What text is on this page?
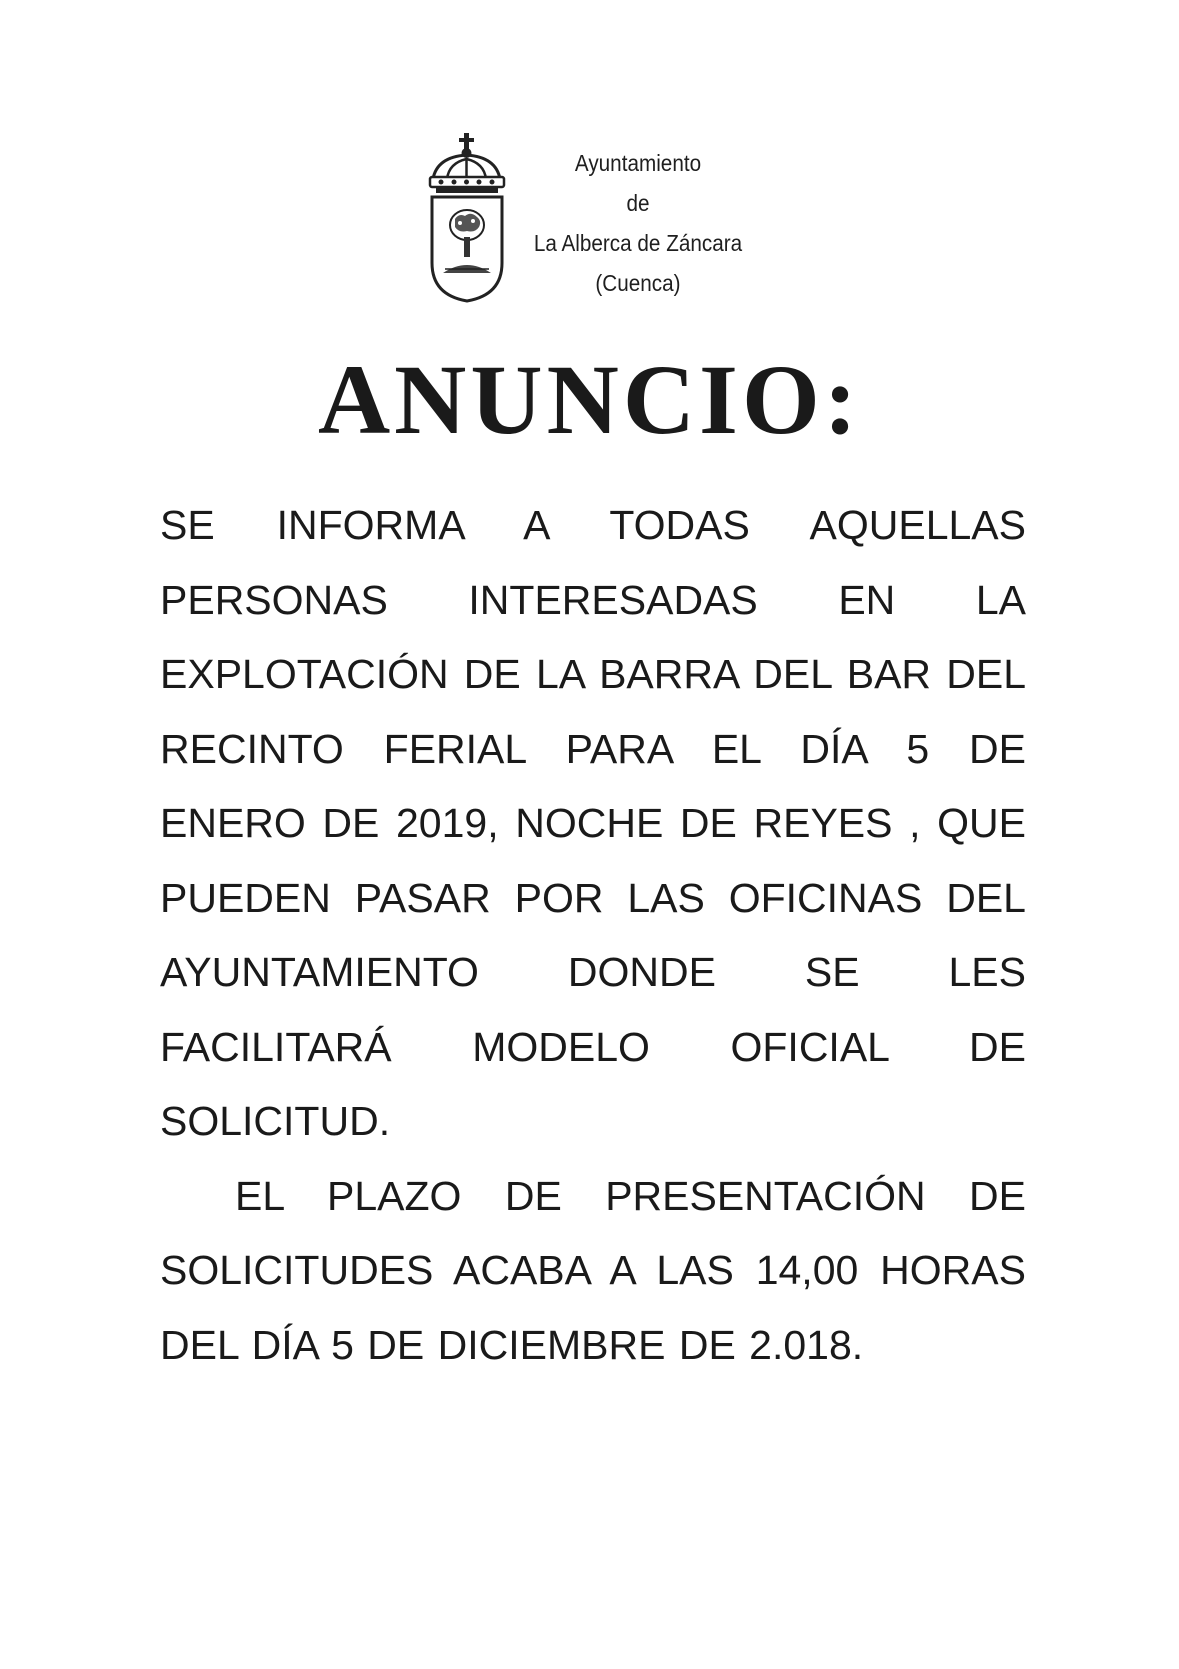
Ayuntamiento
de
La Alberca de Záncara
(Cuenca)
ANUNCIO:

SE INFORMA A TODAS AQUELLAS PERSONAS INTERESADAS EN LA EXPLOTACIÓN DE LA BARRA DEL BAR DEL RECINTO FERIAL PARA EL DÍA 5 DE ENERO DE 2019, NOCHE DE REYES , QUE PUEDEN PASAR POR LAS OFICINAS DEL AYUNTAMIENTO DONDE SE LES FACILITARÁ MODELO OFICIAL DE SOLICITUD.

EL PLAZO DE PRESENTACIÓN DE SOLICITUDES ACABA A LAS 14,00 HORAS DEL DÍA 5 DE DICIEMBRE DE 2.018.
